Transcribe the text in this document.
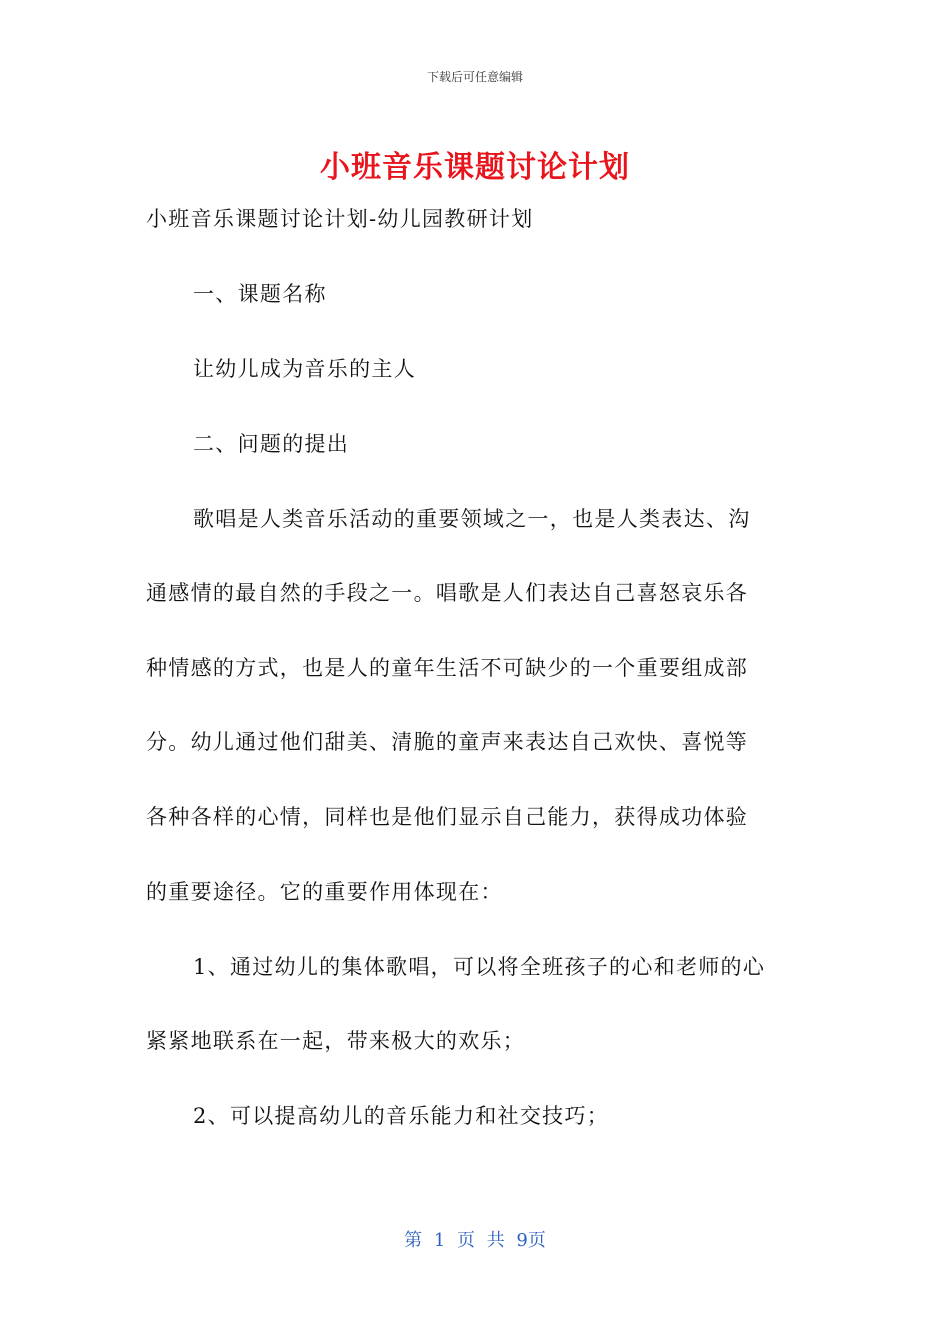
下载后可任意编辑
小班音乐课题讨论计划
小班音乐课题讨论计划-幼儿园教研计划
一、课题名称
让幼儿成为音乐的主人
二、问题的提出
歌唱是人类音乐活动的重要领域之一，也是人类表达、沟
通感情的最自然的手段之一。唱歌是人们表达自己喜怒哀乐各
种情感的方式，也是人的童年生活不可缺少的一个重要组成部
分。幼儿通过他们甜美、清脆的童声来表达自己欢快、喜悦等
各种各样的心情，同样也是他们显示自己能力，获得成功体验
的重要途径。它的重要作用体现在：
1、通过幼儿的集体歌唱，可以将全班孩子的心和老师的心
紧紧地联系在一起，带来极大的欢乐；
2、可以提高幼儿的音乐能力和社交技巧；
第 1 页 共 9页
